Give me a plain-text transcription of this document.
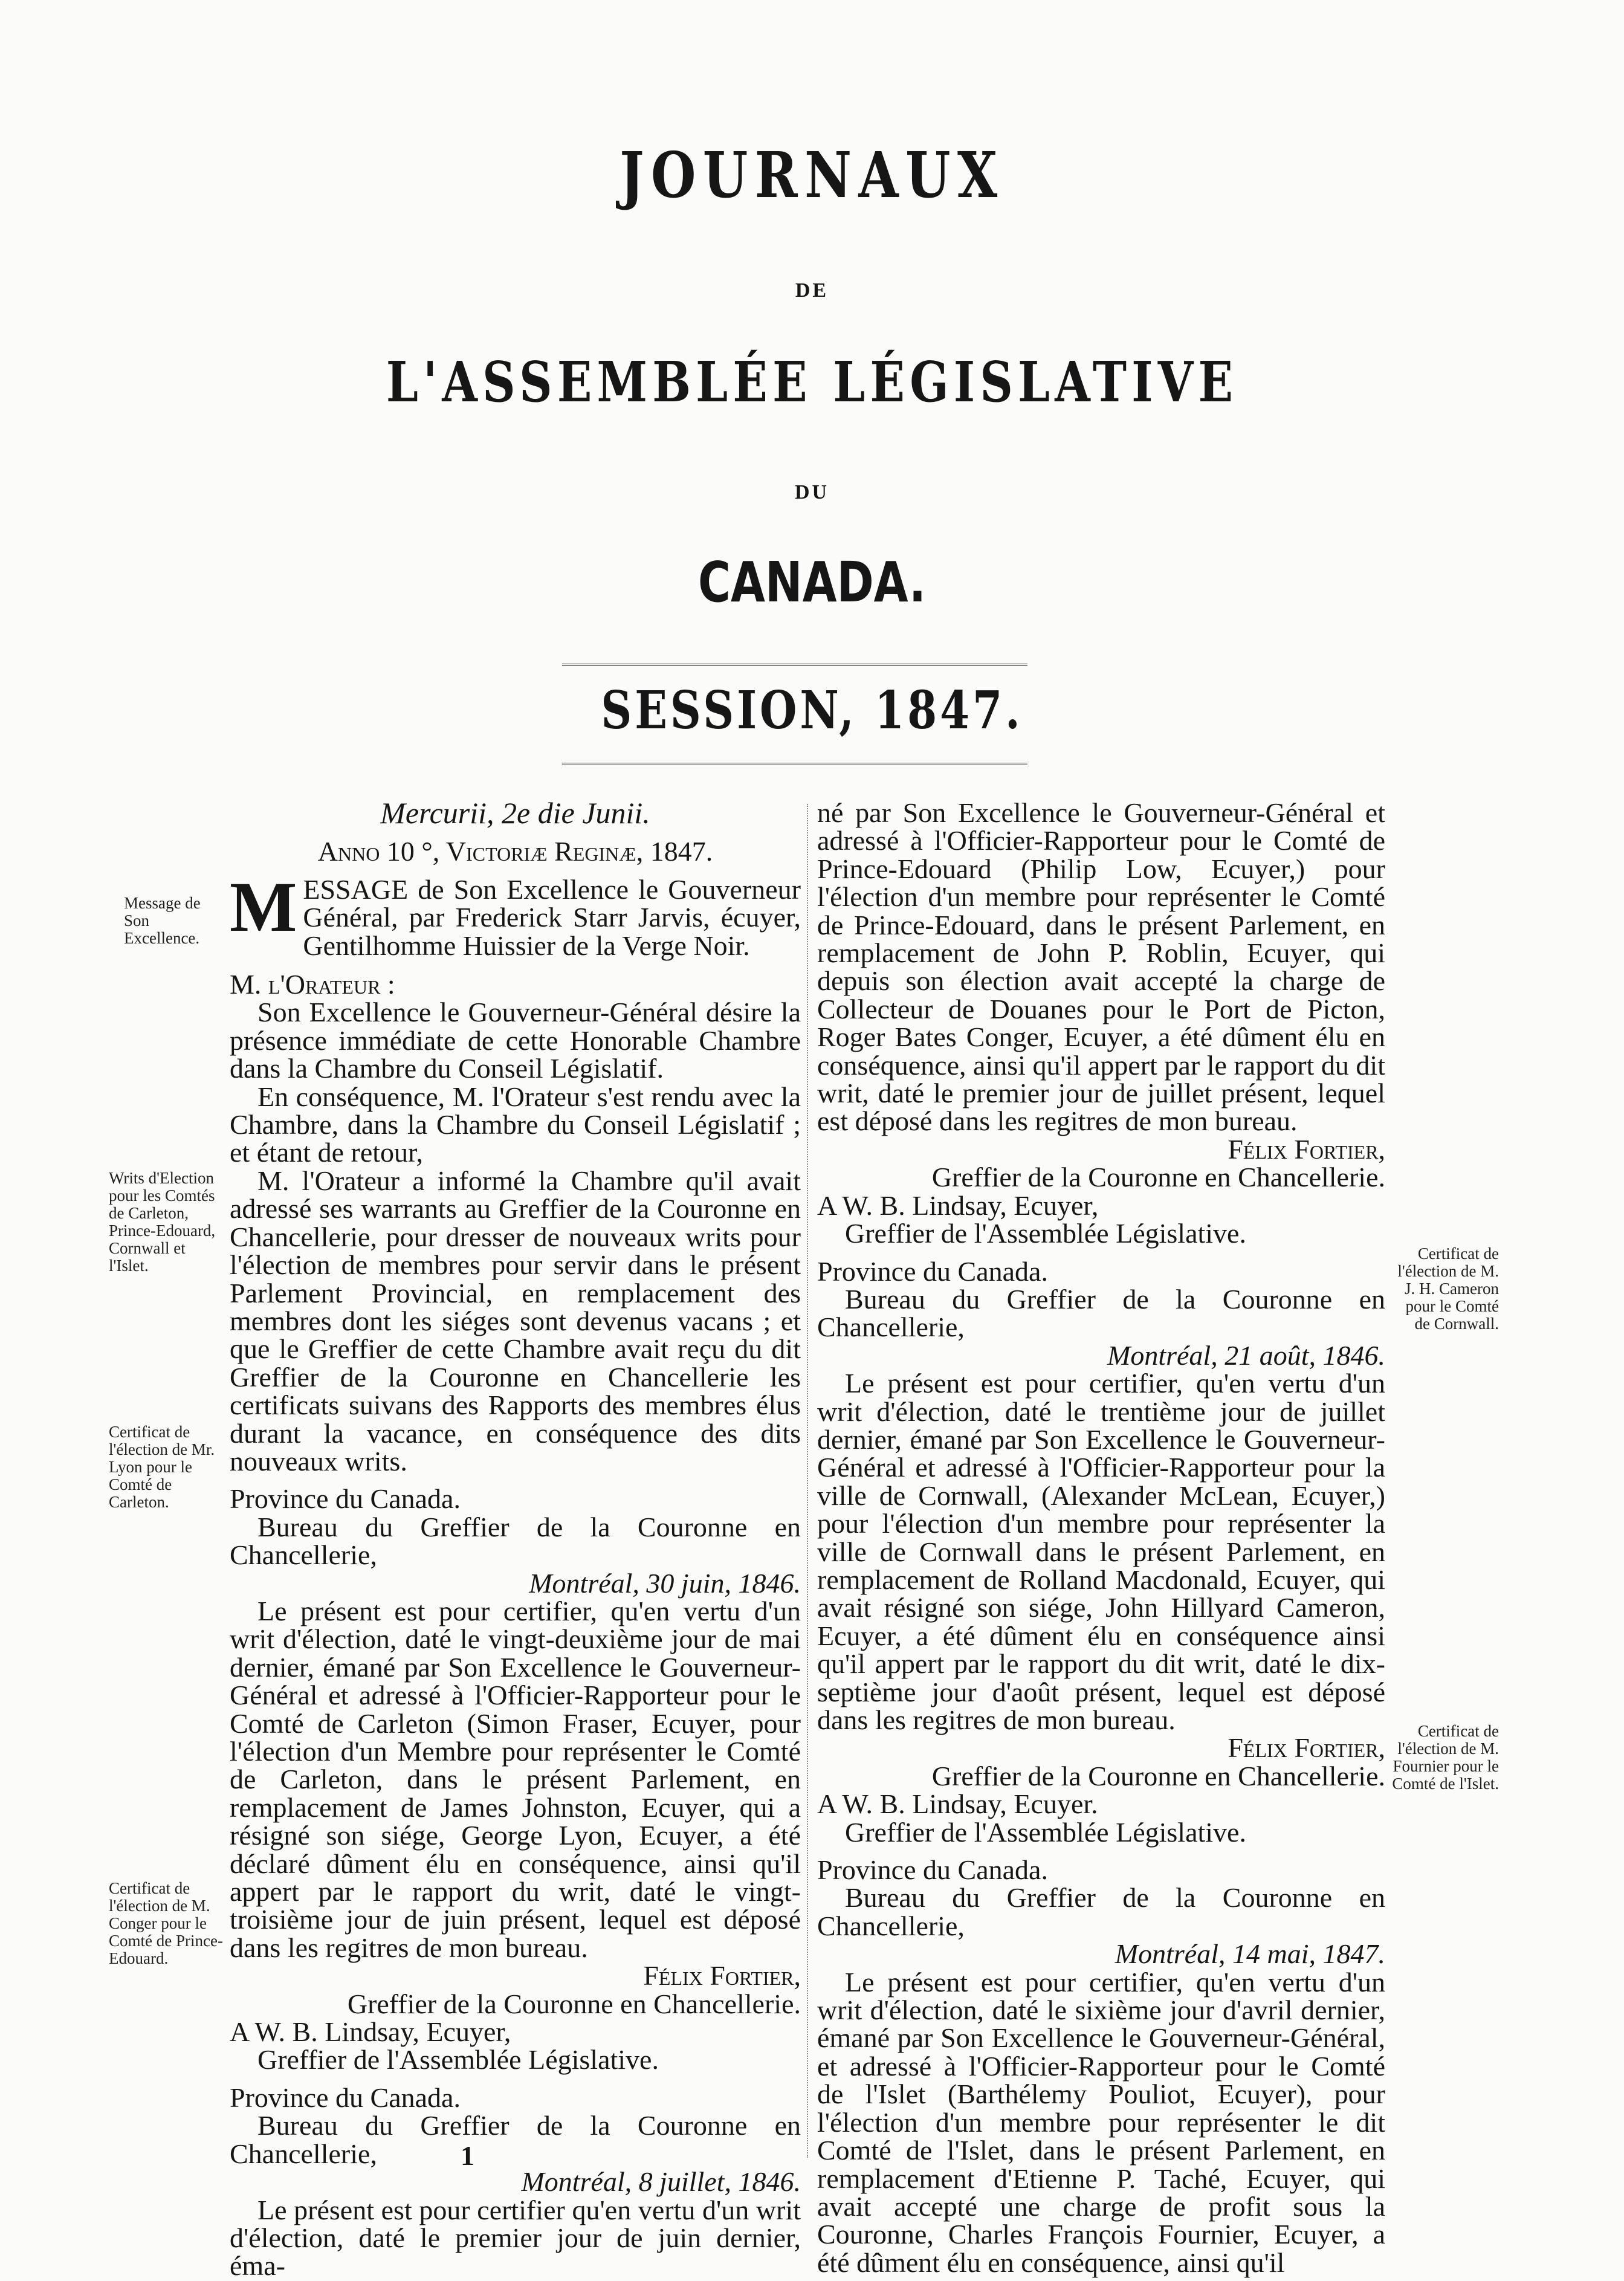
JOURNAUX
DE
L'ASSEMBLÉE LÉGISLATIVE
DU
CANADA.
SESSION, 1847.

Mercurii, 2e die Junii.

Anno 10 °, Victoriæ Reginæ, 1847.

MESSAGE de Son Excellence le Gouverneur Général, par Frederick Starr Jarvis, écuyer, Gentilhomme Huissier de la Verge Noir.

M. l'Orateur :

Son Excellence le Gouverneur-Général désire la présence immédiate de cette Honorable Chambre dans la Chambre du Conseil Législatif.

En conséquence, M. l'Orateur s'est rendu avec la Chambre, dans la Chambre du Conseil Législatif ; et étant de retour,

M. l'Orateur a informé la Chambre qu'il avait adressé ses warrants au Greffier de la Couronne en Chancellerie, pour dresser de nouveaux writs pour l'élection de membres pour servir dans le présent Parlement Provincial, en remplacement des membres dont les siéges sont devenus vacans ; et que le Greffier de cette Chambre avait reçu du dit Greffier de la Couronne en Chancellerie les certificats suivans des Rapports des membres élus durant la vacance, en conséquence des dits nouveaux writs.

Province du Canada.

Bureau du Greffier de la Couronne en Chancellerie,

Montréal, 30 juin, 1846.

Le présent est pour certifier, qu'en vertu d'un writ d'élection, daté le vingt-deuxième jour de mai dernier, émané par Son Excellence le Gouverneur-Général et adressé à l'Officier-Rapporteur pour le Comté de Carleton (Simon Fraser, Ecuyer, pour l'élection d'un Membre pour représenter le Comté de Carleton, dans le présent Parlement, en remplacement de James Johnston, Ecuyer, qui a résigné son siége, George Lyon, Ecuyer, a été déclaré dûment élu en conséquence, ainsi qu'il appert par le rapport du writ, daté le vingt-troisième jour de juin présent, lequel est déposé dans les regitres de mon bureau.

Félix Fortier,

Greffier de la Couronne en Chancellerie.

A W. B. Lindsay, Ecuyer,

Greffier de l'Assemblée Législative.

Province du Canada.

Bureau du Greffier de la Couronne en Chancellerie,

Montréal, 8 juillet, 1846.

Le présent est pour certifier qu'en vertu d'un writ d'élection, daté le premier jour de juin dernier, éma-

né par Son Excellence le Gouverneur-Général et adressé à l'Officier-Rapporteur pour le Comté de Prince-Edouard (Philip Low, Ecuyer,) pour l'élection d'un membre pour représenter le Comté de Prince-Edouard, dans le présent Parlement, en remplacement de John P. Roblin, Ecuyer, qui depuis son élection avait accepté la charge de Collecteur de Douanes pour le Port de Picton, Roger Bates Conger, Ecuyer, a été dûment élu en conséquence, ainsi qu'il appert par le rapport du dit writ, daté le premier jour de juillet présent, lequel est déposé dans les regitres de mon bureau.

Félix Fortier,

Greffier de la Couronne en Chancellerie.

A W. B. Lindsay, Ecuyer,

Greffier de l'Assemblée Législative.

Province du Canada.

Bureau du Greffier de la Couronne en Chancellerie,

Montréal, 21 août, 1846.

Le présent est pour certifier, qu'en vertu d'un writ d'élection, daté le trentième jour de juillet dernier, émané par Son Excellence le Gouverneur-Général et adressé à l'Officier-Rapporteur pour la ville de Cornwall, (Alexander McLean, Ecuyer,) pour l'élection d'un membre pour représenter la ville de Cornwall dans le présent Parlement, en remplacement de Rolland Macdonald, Ecuyer, qui avait résigné son siége, John Hillyard Cameron, Ecuyer, a été dûment élu en conséquence ainsi qu'il appert par le rapport du dit writ, daté le dix-septième jour d'août présent, lequel est déposé dans les regitres de mon bureau.

Félix Fortier,

Greffier de la Couronne en Chancellerie.

A W. B. Lindsay, Ecuyer.

Greffier de l'Assemblée Législative.

Province du Canada.

Bureau du Greffier de la Couronne en Chancellerie,

Montréal, 14 mai, 1847.

Le présent est pour certifier, qu'en vertu d'un writ d'élection, daté le sixième jour d'avril dernier, émané par Son Excellence le Gouverneur-Général, et adressé à l'Officier-Rapporteur pour le Comté de l'Islet (Barthélemy Pouliot, Ecuyer), pour l'élection d'un membre pour représenter le dit Comté de l'Islet, dans le présent Parlement, en remplacement d'Etienne P. Taché, Ecuyer, qui avait accepté une charge de profit sous la Couronne, Charles François Fournier, Ecuyer, a été dûment élu en conséquence, ainsi qu'il

Message de Son Excellence.
Writs d'Election pour les Comtés de Carleton, Prince-Edouard, Cornwall et l'Islet.
Certificat de l'élection de Mr. Lyon pour le Comté de Carleton.
Certificat de l'élection de M. Conger pour le Comté de Prince-Edouard.
Certificat de l'élection de M. J. H. Cameron pour le Comté de Cornwall.
Certificat de l'élection de M. Fournier pour le Comté de l'Islet.
1
